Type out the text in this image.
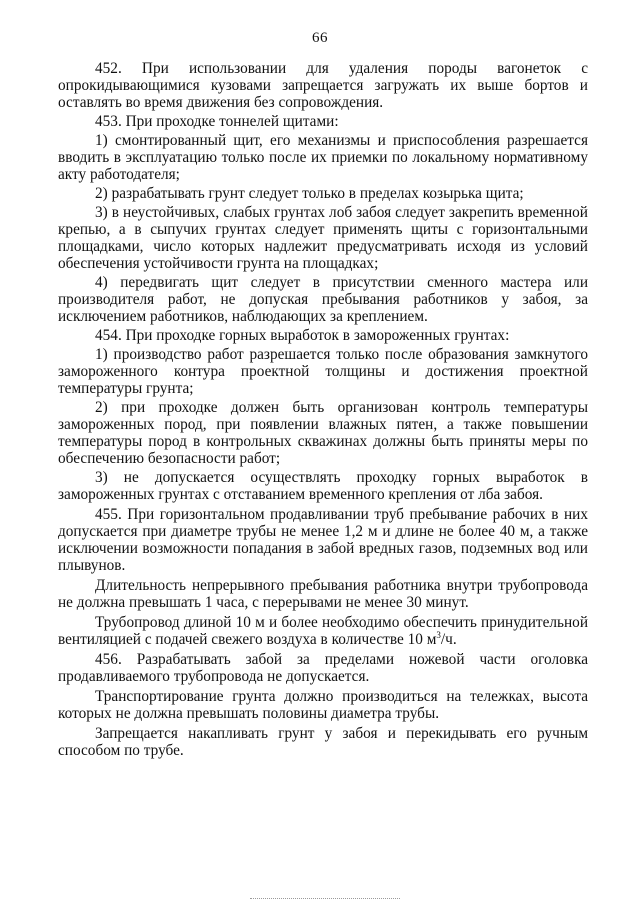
66

452. При использовании для удаления породы вагонеток с опрокидывающимися кузовами запрещается загружать их выше бортов и оставлять во время движения без сопровождения.

453. При проходке тоннелей щитами:

1) смонтированный щит, его механизмы и приспособления разрешается вводить в эксплуатацию только после их приемки по локальному нормативному акту работодателя;

2) разрабатывать грунт следует только в пределах козырька щита;

3) в неустойчивых, слабых грунтах лоб забоя следует закрепить временной крепью, а в сыпучих грунтах следует применять щиты с горизонтальными площадками, число которых надлежит предусматривать исходя из условий обеспечения устойчивости грунта на площадках;

4) передвигать щит следует в присутствии сменного мастера или производителя работ, не допуская пребывания работников у забоя, за исключением работников, наблюдающих за креплением.

454. При проходке горных выработок в замороженных грунтах:

1) производство работ разрешается только после образования замкнутого замороженного контура проектной толщины и достижения проектной температуры грунта;

2) при проходке должен быть организован контроль температуры замороженных пород, при появлении влажных пятен, а также повышении температуры пород в контрольных скважинах должны быть приняты меры по обеспечению безопасности работ;

3) не допускается осуществлять проходку горных выработок в замороженных грунтах с отставанием временного крепления от лба забоя.

455. При горизонтальном продавливании труб пребывание рабочих в них допускается при диаметре трубы не менее 1,2 м и длине не более 40 м, а также исключении возможности попадания в забой вредных газов, подземных вод или плывунов.

Длительность непрерывного пребывания работника внутри трубопровода не должна превышать 1 часа, с перерывами не менее 30 минут.

Трубопровод длиной 10 м и более необходимо обеспечить принудительной вентиляцией с подачей свежего воздуха в количестве 10 $м^3/ч$.

456. Разрабатывать забой за пределами ножевой части оголовка продавливаемого трубопровода не допускается.

Транспортирование грунта должно производиться на тележках, высота которых не должна превышать половины диаметра трубы.

Запрещается накапливать грунт у забоя и перекидывать его ручным способом по трубе.
